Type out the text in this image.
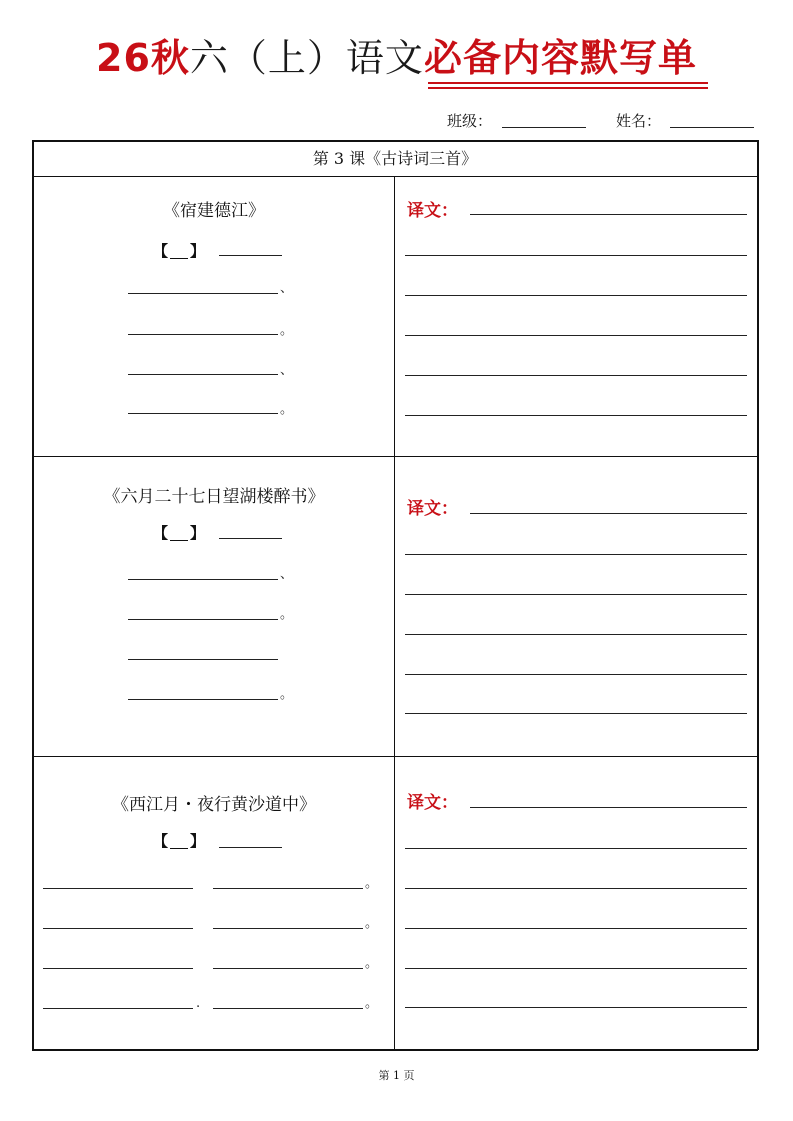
26秋六（上）语文必备内容默写单
班级：	姓名：
第 3 课《古诗词三首》
《宿建德江》
【 】
、
。
、
。
译文：
《六月二十七日望湖楼醉书》
【 】
、
。
。
译文：
《西江月・夜行黄沙道中》
【 】
。
。
。
.	。
译文：
第 1 页
